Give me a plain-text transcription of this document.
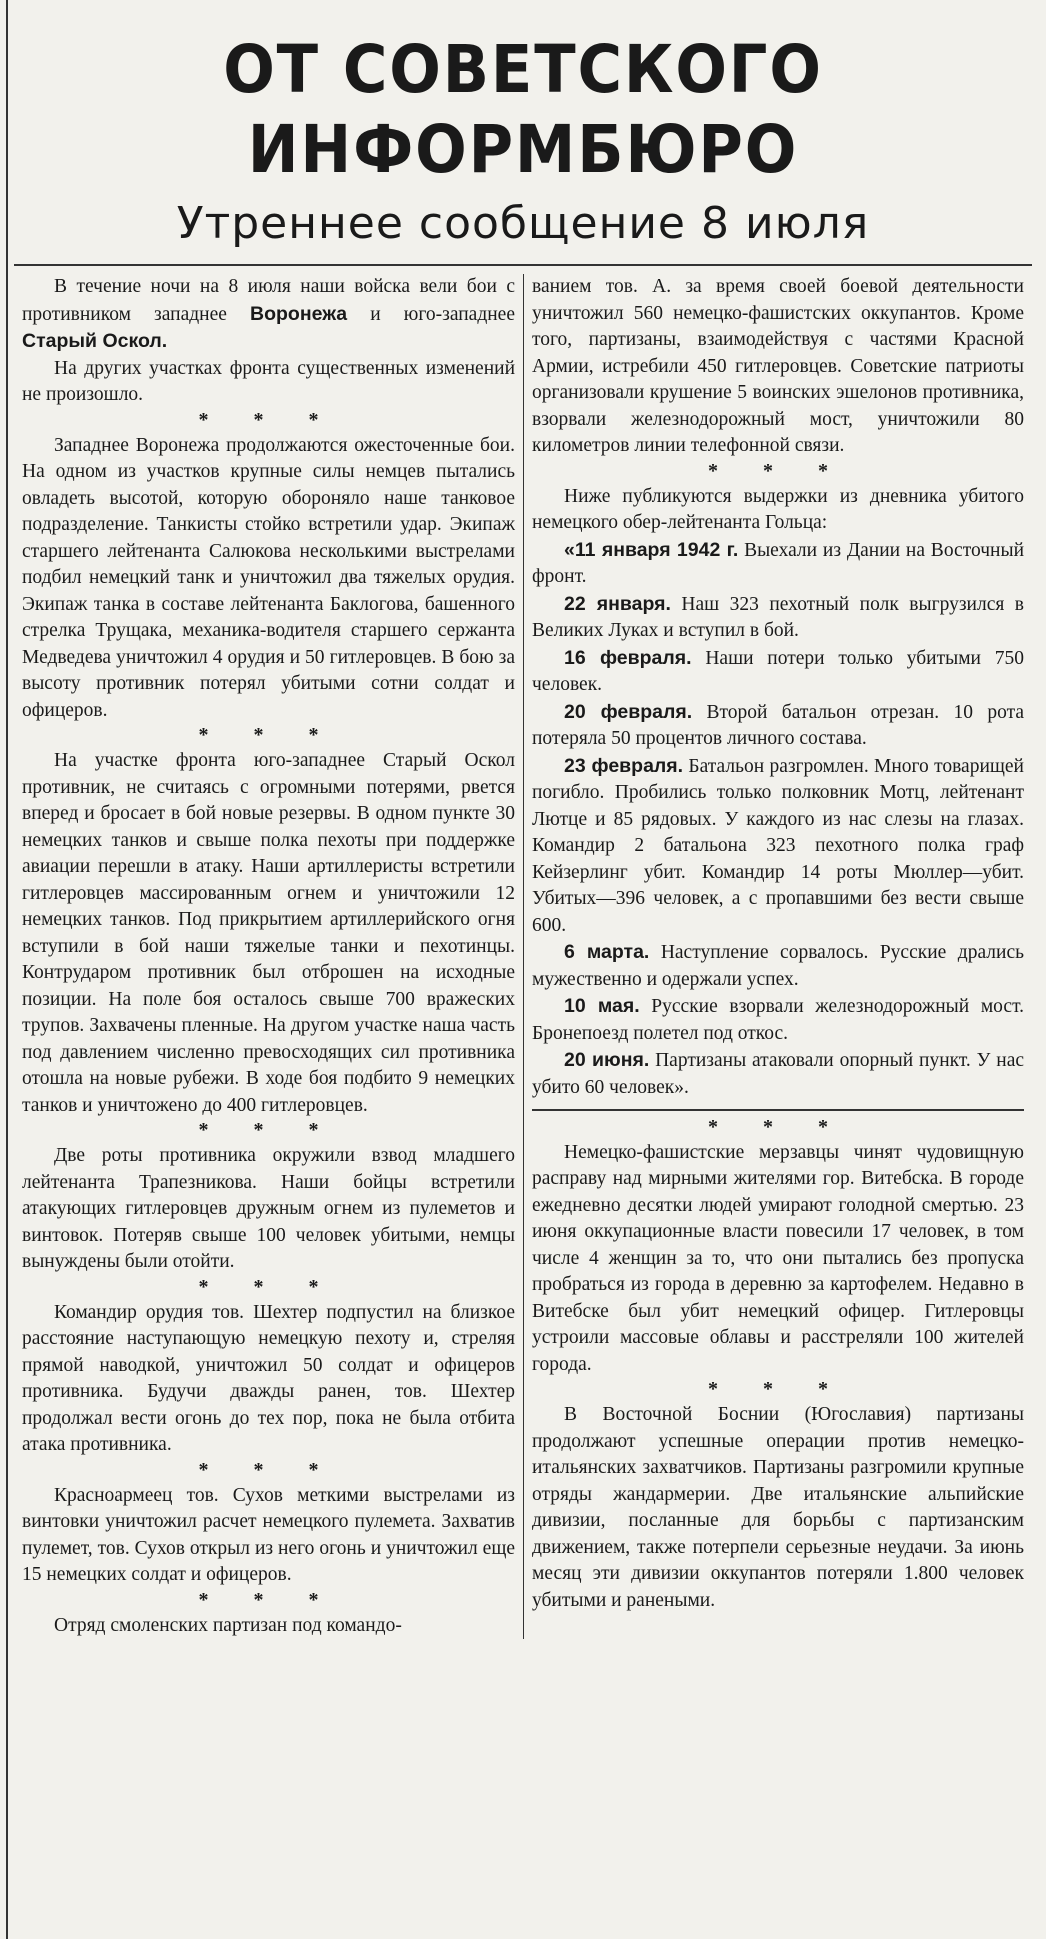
ОТ СОВЕТСКОГО ИНФОРМБЮРО
Утреннее сообщение 8 июля

В течение ночи на 8 июля наши войска вели бои с противником западнее Воронежа и юго-западнее Старый Оскол.

На других участках фронта существенных изменений не произошло.

* * *

Западнее Воронежа продолжаются ожесточенные бои. На одном из участков крупные силы немцев пытались овладеть высотой, которую обороняло наше танковое подразделение. Танкисты стойко встретили удар. Экипаж старшего лейтенанта Салюкова несколькими выстрелами подбил немецкий танк и уничтожил два тяжелых орудия. Экипаж танка в составе лейтенанта Баклогова, башенного стрелка Трущака, механика-водителя старшего сержанта Медведева уничтожил 4 орудия и 50 гитлеровцев. В бою за высоту противник потерял убитыми сотни солдат и офицеров.

* * *

На участке фронта юго-западнее Старый Оскол противник, не считаясь с огромными потерями, рвется вперед и бросает в бой новые резервы. В одном пункте 30 немецких танков и свыше полка пехоты при поддержке авиации перешли в атаку. Наши артиллеристы встретили гитлеровцев массированным огнем и уничтожили 12 немецких танков. Под прикрытием артиллерийского огня вступили в бой наши тяжелые танки и пехотинцы. Контрударом противник был отброшен на исходные позиции. На поле боя осталось свыше 700 вражеских трупов. Захвачены пленные. На другом участке наша часть под давлением численно превосходящих сил противника отошла на новые рубежи. В ходе боя подбито 9 немецких танков и уничтожено до 400 гитлеровцев.

* * *

Две роты противника окружили взвод младшего лейтенанта Трапезникова. Наши бойцы встретили атакующих гитлеровцев дружным огнем из пулеметов и винтовок. Потеряв свыше 100 человек убитыми, немцы вынуждены были отойти.

* * *

Командир орудия тов. Шехтер подпустил на близкое расстояние наступающую немецкую пехоту и, стреляя прямой наводкой, уничтожил 50 солдат и офицеров противника. Будучи дважды ранен, тов. Шехтер продолжал вести огонь до тех пор, пока не была отбита атака противника.

* * *

Красноармеец тов. Сухов меткими выстрелами из винтовки уничтожил расчет немецкого пулемета. Захватив пулемет, тов. Сухов открыл из него огонь и уничтожил еще 15 немецких солдат и офицеров.

* * *

Отряд смоленских партизан под командо-

ванием тов. А. за время своей боевой деятельности уничтожил 560 немецко-фашистских оккупантов. Кроме того, партизаны, взаимодействуя с частями Красной Армии, истребили 450 гитлеровцев. Советские патриоты организовали крушение 5 воинских эшелонов противника, взорвали железнодорожный мост, уничтожили 80 километров линии телефонной связи.

* * *

Ниже публикуются выдержки из дневника убитого немецкого обер-лейтенанта Гольца:

«11 января 1942 г. Выехали из Дании на Восточный фронт.

22 января. Наш 323 пехотный полк выгрузился в Великих Луках и вступил в бой.

16 февраля. Наши потери только убитыми 750 человек.

20 февраля. Второй батальон отрезан. 10 рота потеряла 50 процентов личного состава.

23 февраля. Батальон разгромлен. Много товарищей погибло. Пробились только полковник Мотц, лейтенант Лютце и 85 рядовых. У каждого из нас слезы на глазах. Командир 2 батальона 323 пехотного полка граф Кейзерлинг убит. Командир 14 роты Мюллер—убит. Убитых—396 человек, а с пропавшими без вести свыше 600.

6 марта. Наступление сорвалось. Русские дрались мужественно и одержали успех.

10 мая. Русские взорвали железнодорожный мост. Бронепоезд полетел под откос.

20 июня. Партизаны атаковали опорный пункт. У нас убито 60 человек».

* * *

Немецко-фашистские мерзавцы чинят чудовищную расправу над мирными жителями гор. Витебска. В городе ежедневно десятки людей умирают голодной смертью. 23 июня оккупационные власти повесили 17 человек, в том числе 4 женщин за то, что они пытались без пропуска пробраться из города в деревню за картофелем. Недавно в Витебске был убит немецкий офицер. Гитлеровцы устроили массовые облавы и расстреляли 100 жителей города.

* * *

В Восточной Боснии (Югославия) партизаны продолжают успешные операции против немецко-итальянских захватчиков. Партизаны разгромили крупные отряды жандармерии. Две итальянские альпийские дивизии, посланные для борьбы с партизанским движением, также потерпели серьезные неудачи. За июнь месяц эти дивизии оккупантов потеряли 1.800 человек убитыми и ранеными.
